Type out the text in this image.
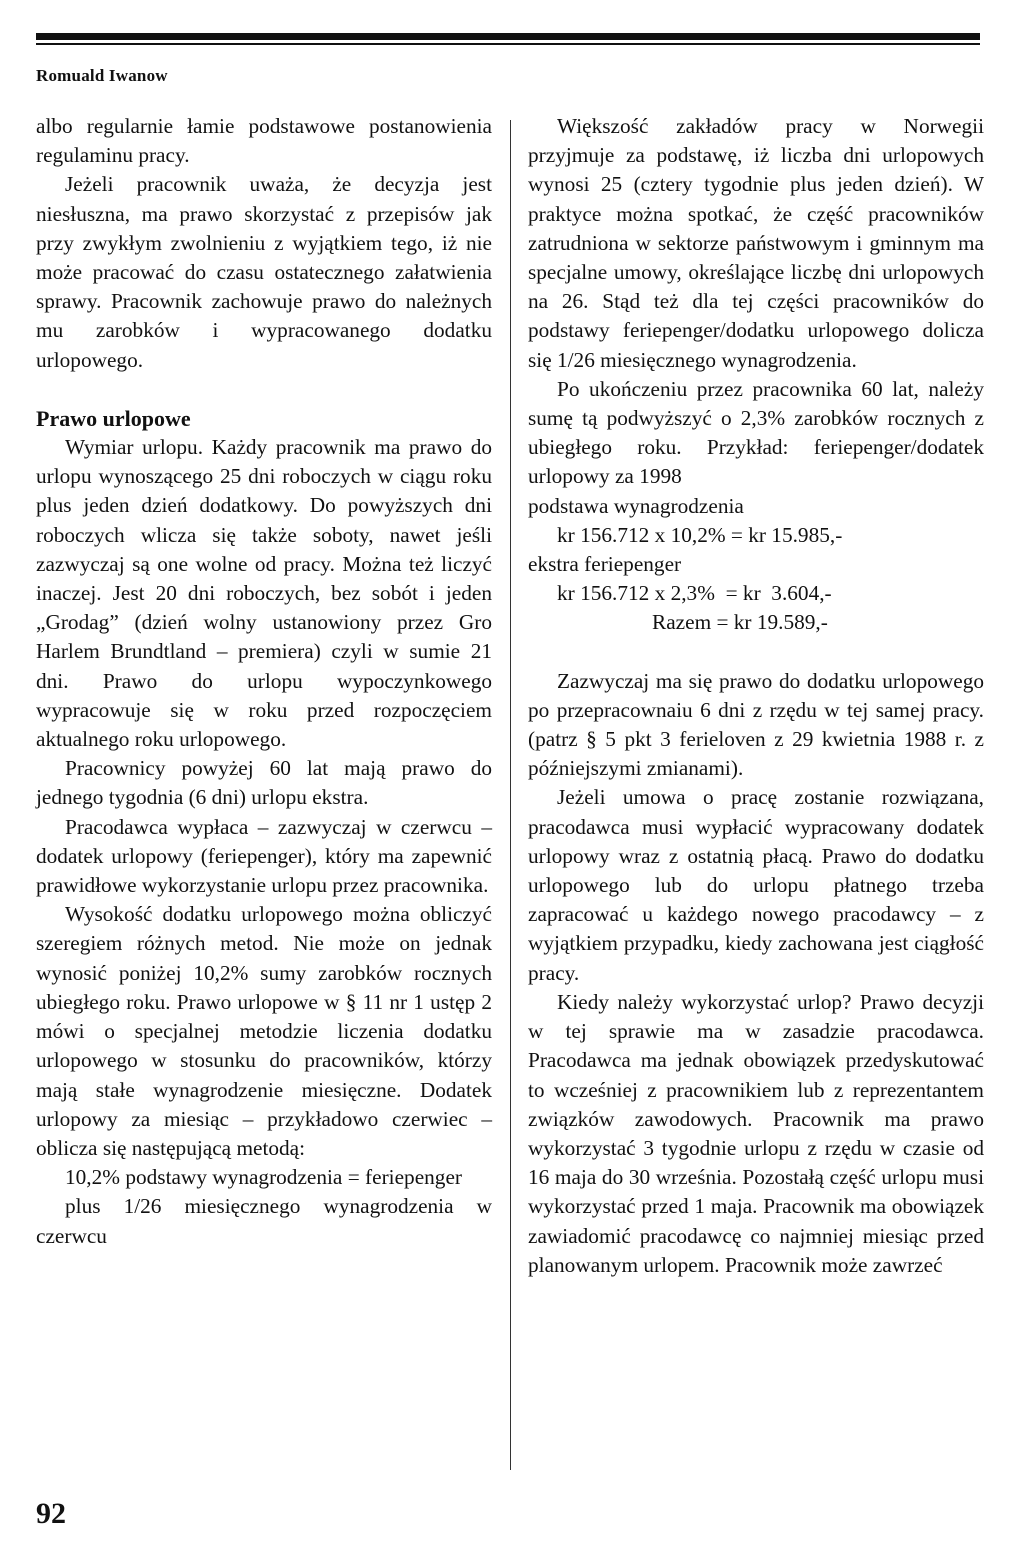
Romuald Iwanow

albo regularnie łamie podstawowe postanowienia regulaminu pracy.

Jeżeli pracownik uważa, że decyzja jest niesłuszna, ma prawo skorzystać z przepisów jak przy zwykłym zwolnieniu z wyjątkiem tego, iż nie może pracować do czasu ostatecznego załatwienia sprawy. Pracownik zachowuje prawo do należnych mu zarobków i wypracowanego dodatku urlopowego.

Prawo urlopowe

Wymiar urlopu. Każdy pracownik ma prawo do urlopu wynoszącego 25 dni roboczych w ciągu roku plus jeden dzień dodatkowy. Do powyższych dni roboczych wlicza się także soboty, nawet jeśli zazwyczaj są one wolne od pracy. Można też liczyć inaczej. Jest 20 dni roboczych, bez sobót i jeden „Grodag” (dzień wolny ustanowiony przez Gro Harlem Brundtland – premiera) czyli w sumie 21 dni. Prawo do urlopu wypoczynkowego wypracowuje się w roku przed rozpoczęciem aktualnego roku urlopowego.

Pracownicy powyżej 60 lat mają prawo do jednego tygodnia (6 dni) urlopu ekstra.

Pracodawca wypłaca – zazwyczaj w czerwcu – dodatek urlopowy (feriepenger), który ma zapewnić prawidłowe wykorzystanie urlopu przez pracownika.

Wysokość dodatku urlopowego można obliczyć szeregiem różnych metod. Nie może on jednak wynosić poniżej 10,2% sumy zarobków rocznych ubiegłego roku. Prawo urlopowe w § 11 nr 1 ustęp 2 mówi o specjalnej metodzie liczenia dodatku urlopowego w stosunku do pracowników, którzy mają stałe wynagrodzenie miesięczne. Dodatek urlopowy za miesiąc – przykładowo czerwiec – oblicza się następującą metodą:

10,2% podstawy wynagrodzenia = feriepenger

plus 1/26 miesięcznego wynagrodzenia w czerwcu

Większość zakładów pracy w Norwegii przyjmuje za podstawę, iż liczba dni urlopowych wynosi 25 (cztery tygodnie plus jeden dzień). W praktyce można spotkać, że część pracowników zatrudniona w sektorze państwowym i gminnym ma specjalne umowy, określające liczbę dni urlopowych na 26. Stąd też dla tej części pracowników do podstawy feriepenger/dodatku urlopowego dolicza się 1/26 miesięcznego wynagrodzenia.

Po ukończeniu przez pracownika 60 lat, należy sumę tą podwyższyć o 2,3% zarobków rocznych z ubiegłego roku. Przykład: feriepenger/dodatek urlopowy za 1998

podstawa wynagrodzenia
kr 156.712 x 10,2% = kr 15.985,-
ekstra feriepenger
kr 156.712 x 2,3%  = kr  3.604,-
Razem = kr 19.589,-

Zazwyczaj ma się prawo do dodatku urlopowego po przepracownaiu 6 dni z rzędu w tej samej pracy. (patrz § 5 pkt 3 ferieloven z 29 kwietnia 1988 r. z późniejszymi zmianami).

Jeżeli umowa o pracę zostanie rozwiązana, pracodawca musi wypłacić wypracowany dodatek urlopowy wraz z ostatnią płacą. Prawo do dodatku urlopowego lub do urlopu płatnego trzeba zapracować u każdego nowego pracodawcy – z wyjątkiem przypadku, kiedy zachowana jest ciągłość pracy.

Kiedy należy wykorzystać urlop? Prawo decyzji w tej sprawie ma w zasadzie pracodawca. Pracodawca ma jednak obowiązek przedyskutować to wcześniej z pracownikiem lub z reprezentantem związków zawodowych. Pracownik ma prawo wykorzystać 3 tygodnie urlopu z rzędu w czasie od 16 maja do 30 września. Pozostałą część urlopu musi wykorzystać przed 1 maja. Pracownik ma obowiązek zawiadomić pracodawcę co najmniej miesiąc przed planowanym urlopem. Pracownik może zawrzeć

92
